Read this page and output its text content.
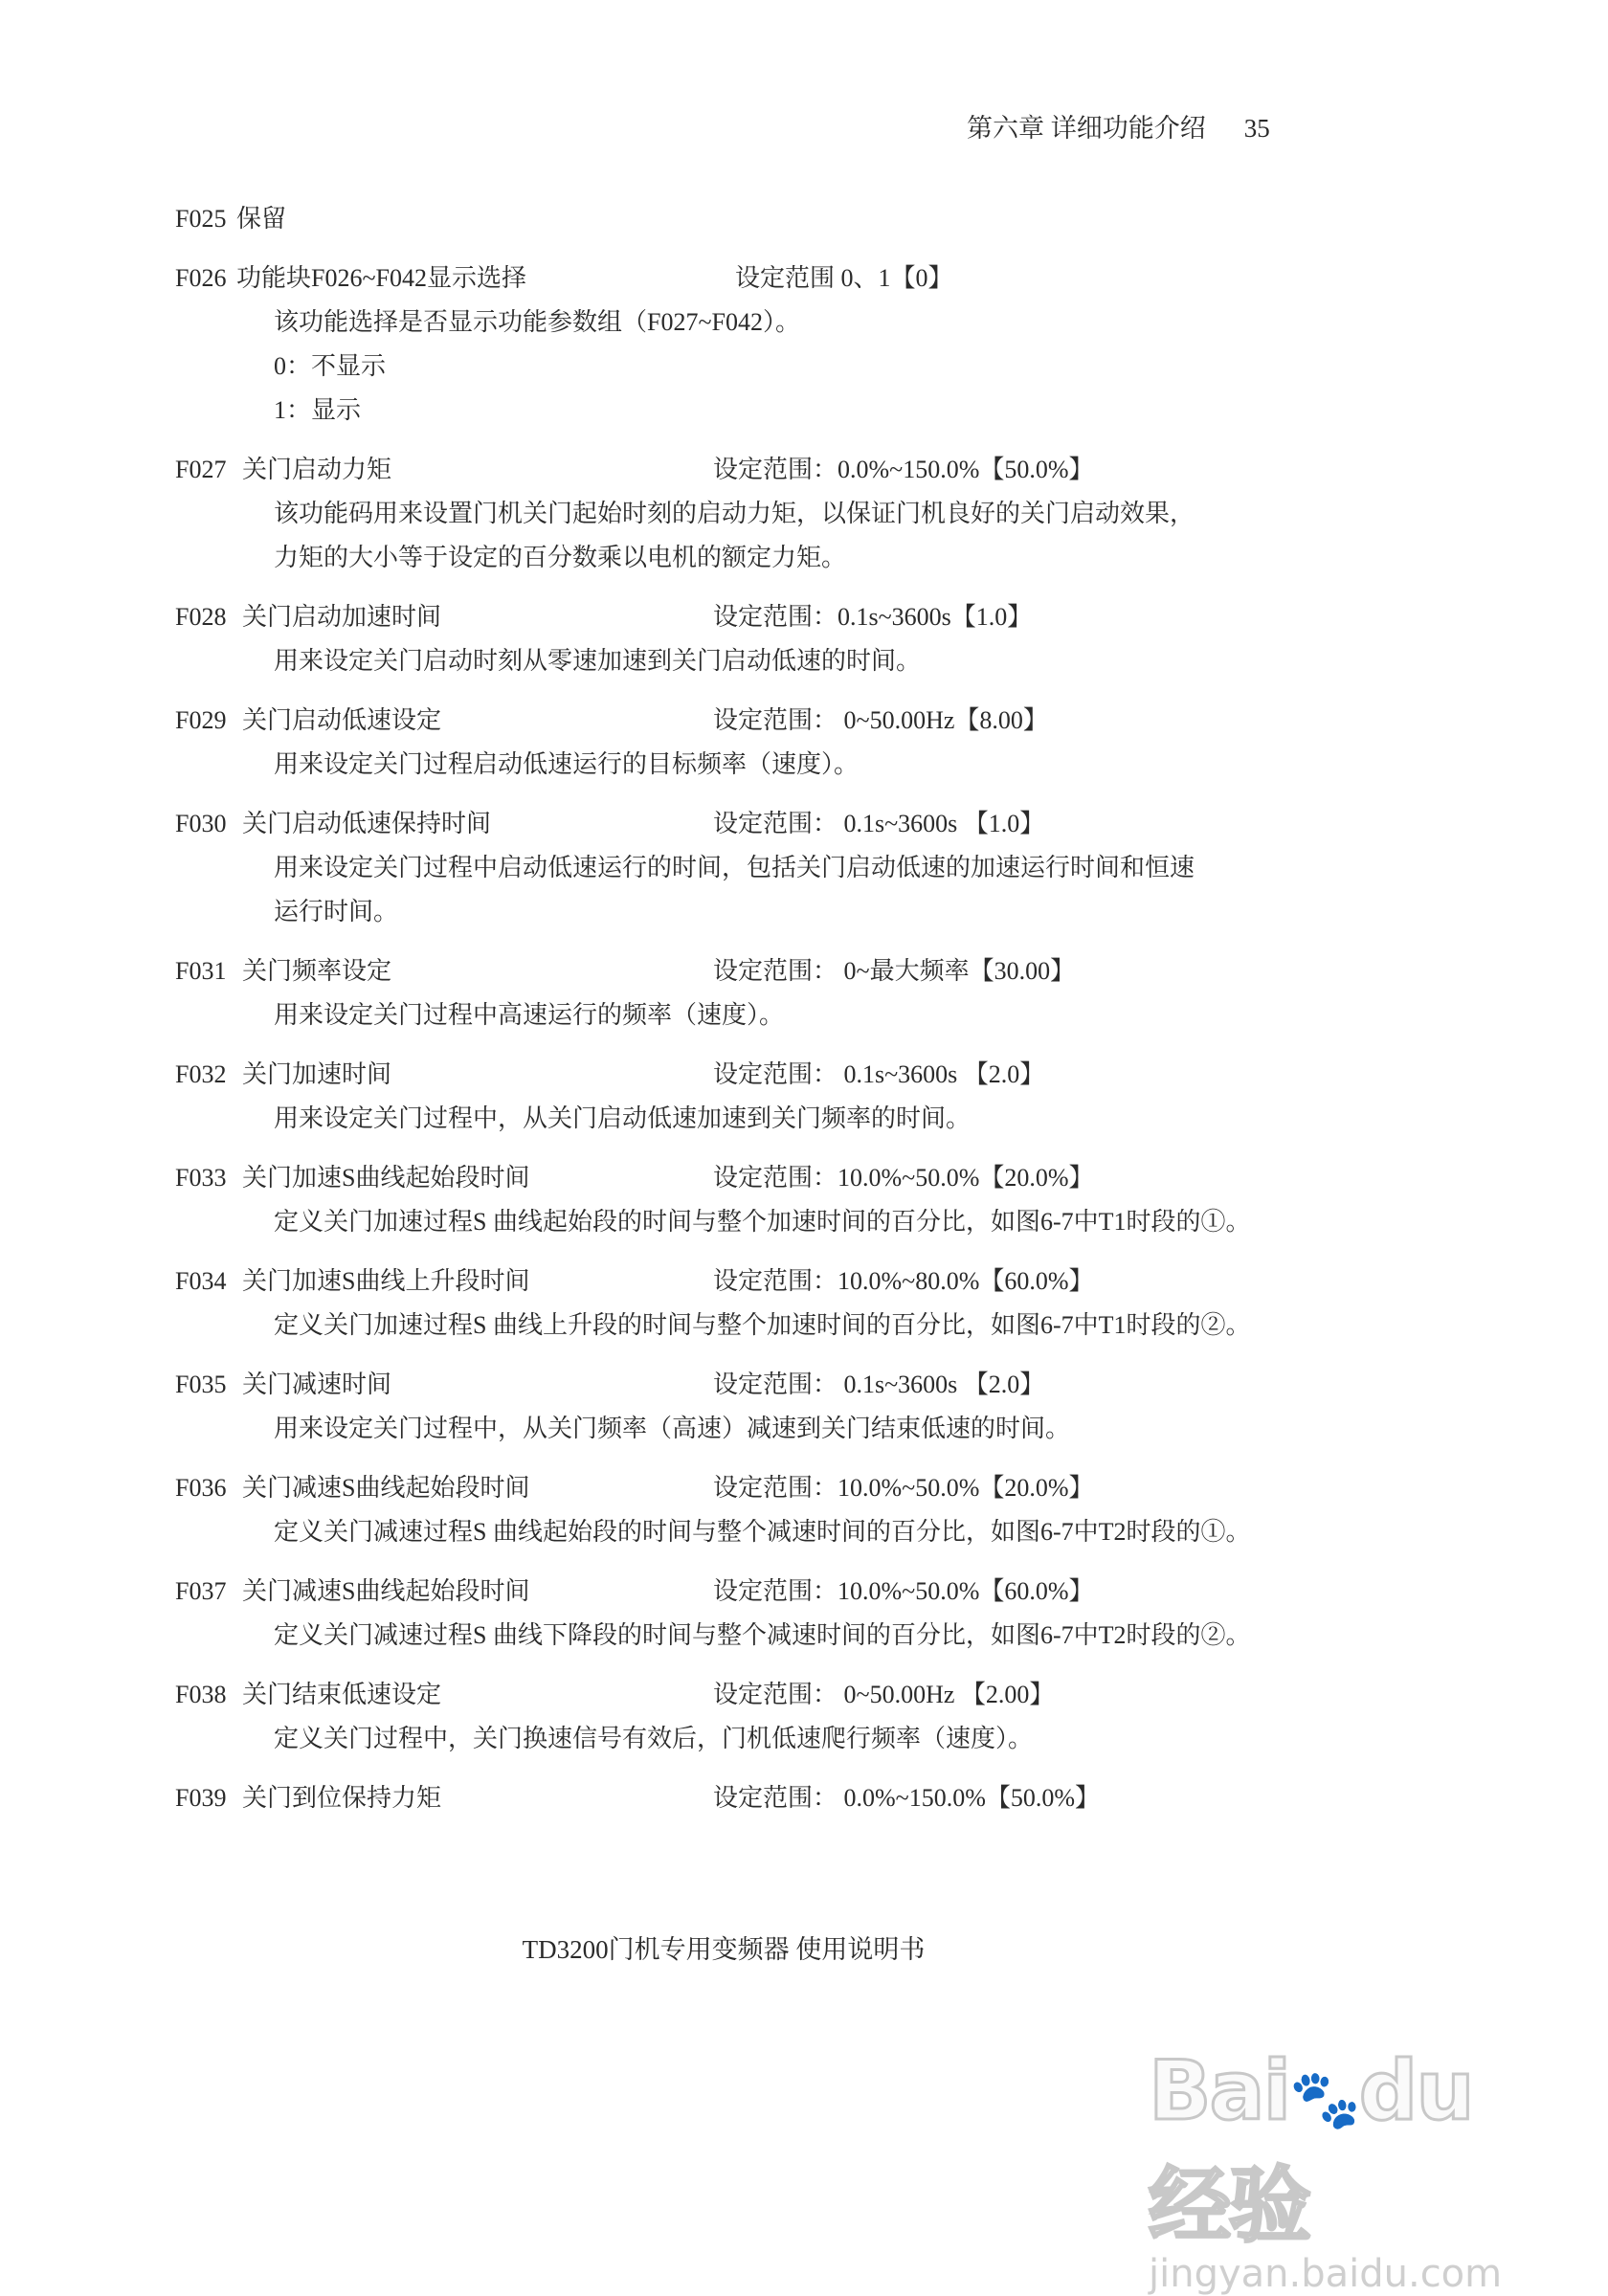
第六章 详细功能介绍 35
F025 保留
F026 功能块F026~F042显示选择	设定范围 0、1【0】
该功能选择是否显示功能参数组（F027~F042）。
0：不显示
1：显示
F027 关门启动力矩	设定范围：0.0%~150.0%【50.0%】
该功能码用来设置门机关门起始时刻的启动力矩，以保证门机良好的关门启动效果，
力矩的大小等于设定的百分数乘以电机的额定力矩。
F028 关门启动加速时间	设定范围：0.1s~3600s【1.0】
用来设定关门启动时刻从零速加速到关门启动低速的时间。
F029 关门启动低速设定	设定范围： 0~50.00Hz【8.00】
用来设定关门过程启动低速运行的目标频率（速度）。
F030 关门启动低速保持时间	设定范围： 0.1s~3600s 【1.0】
用来设定关门过程中启动低速运行的时间，包括关门启动低速的加速运行时间和恒速
运行时间。
F031 关门频率设定	设定范围： 0~最大频率【30.00】
用来设定关门过程中高速运行的频率（速度）。
F032 关门加速时间	设定范围： 0.1s~3600s 【2.0】
用来设定关门过程中，从关门启动低速加速到关门频率的时间。
F033 关门加速S曲线起始段时间	设定范围：10.0%~50.0%【20.0%】
定义关门加速过程S 曲线起始段的时间与整个加速时间的百分比，如图6-7中T1时段的①。
F034 关门加速S曲线上升段时间	设定范围：10.0%~80.0%【60.0%】
定义关门加速过程S 曲线上升段的时间与整个加速时间的百分比，如图6-7中T1时段的②。
F035 关门减速时间	设定范围： 0.1s~3600s 【2.0】
用来设定关门过程中，从关门频率（高速）减速到关门结束低速的时间。
F036 关门减速S曲线起始段时间	设定范围：10.0%~50.0%【20.0%】
定义关门减速过程S 曲线起始段的时间与整个减速时间的百分比，如图6-7中T2时段的①。
F037 关门减速S曲线起始段时间	设定范围：10.0%~50.0%【60.0%】
定义关门减速过程S 曲线下降段的时间与整个减速时间的百分比，如图6-7中T2时段的②。
F038 关门结束低速设定	设定范围： 0~50.00Hz 【2.00】
定义关门过程中，关门换速信号有效后，门机低速爬行频率（速度）。
F039 关门到位保持力矩	设定范围： 0.0%~150.0%【50.0%】
TD3200门机专用变频器 使用说明书
Bai🐾du 经验
jingyan.baidu.com
